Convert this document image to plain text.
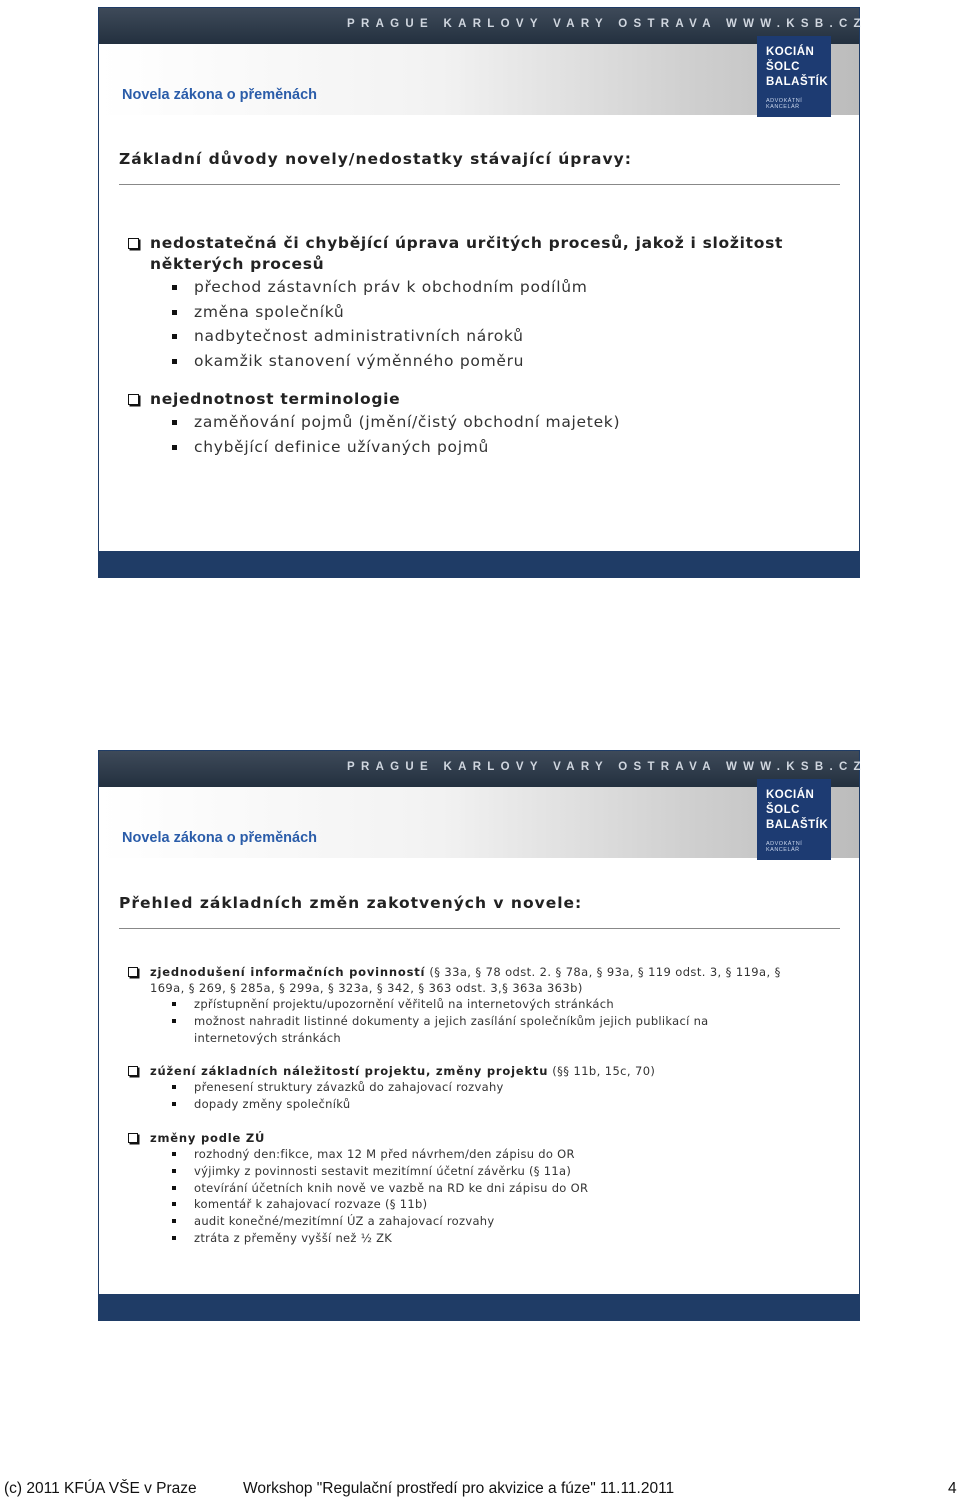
PRAGUE KARLOVY VARY OSTRAVA WWW.KSB.CZ
Novela zákona o přeměnách
KOCIÁN
ŠOLC
BALAŠTÍK
ADVOKÁTNÍ KANCELÁŘ
Základní důvody novely/nedostatky stávající úpravy:
nedostatečná či chybějící úprava určitých procesů, jakož i složitost některých procesů
přechod zástavních práv k obchodním podílům
změna společníků
nadbytečnost administrativních nároků
okamžik stanovení výměnného poměru
nejednotnost terminologie
zaměňování pojmů (jmění/čistý obchodní majetek)
chybějící definice užívaných pojmů
PRAGUE KARLOVY VARY OSTRAVA WWW.KSB.CZ
Novela zákona o přeměnách
KOCIÁN
ŠOLC
BALAŠTÍK
ADVOKÁTNÍ KANCELÁŘ
Přehled základních změn zakotvených v novele:
zjednodušení informačních povinností (§ 33a, § 78 odst. 2. § 78a, § 93a, § 119 odst. 3, § 119a, § 169a, § 269, § 285a, § 299a, § 323a, § 342, § 363 odst. 3,§ 363a 363b)
zpřístupnění projektu/upozornění věřitelů na internetových stránkách
možnost nahradit listinné dokumenty a jejich zasílání společníkům jejich publikací na internetových stránkách
zúžení základních náležitostí projektu, změny projektu (§§ 11b, 15c, 70)
přenesení struktury závazků do zahajovací rozvahy
dopady změny společníků
změny podle ZÚ
rozhodný den:fikce, max 12 M před návrhem/den zápisu do OR
výjimky z povinnosti sestavit mezitímní účetní závěrku (§ 11a)
otevírání účetních knih nově ve vazbě na RD ke dni zápisu do OR
komentář k zahajovací rozvaze (§ 11b)
audit konečné/mezitímní ÚZ a zahajovací rozvahy
ztráta z přeměny vyšší než ½ ZK
(c) 2011 KFÚA VŠE v Praze	Workshop "Regulační prostředí pro akvizice a fúze" 11.11.2011	4
